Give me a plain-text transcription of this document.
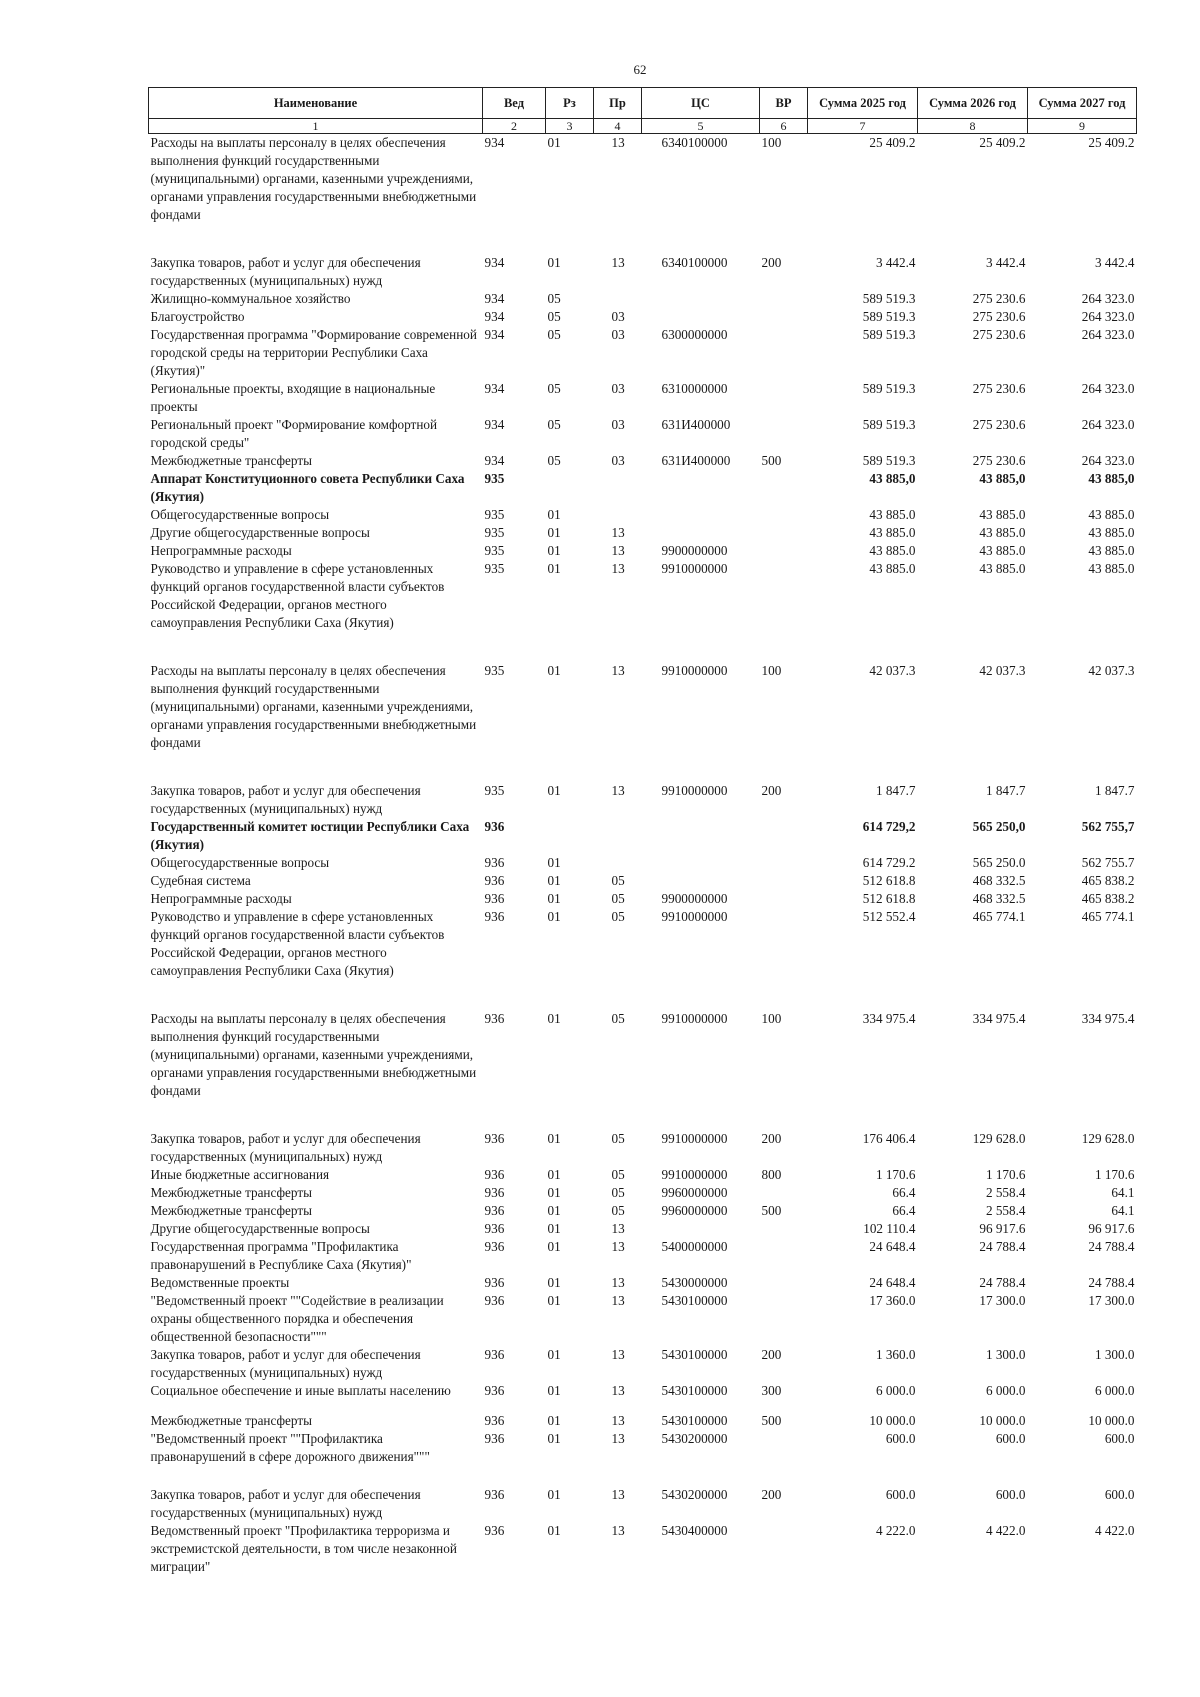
62
Наименование	Вед	Рз	Пр	ЦС	ВР	Сумма 2025 год	Сумма 2026 год	Сумма 2027 год
1	2	3	4	5	6	7	8	9
Расходы на выплаты персоналу в целях обеспечения выполнения функций государственными (муниципальными) органами, казенными учреждениями, органами управления государственными внебюджетными фондами	934	01	13	6340100000	100	25 409.2	25 409.2	25 409.2
Закупка товаров, работ и услуг для обеспечения государственных (муниципальных) нужд	934	01	13	6340100000	200	3 442.4	3 442.4	3 442.4
Жилищно-коммунальное хозяйство	934	05				589 519.3	275 230.6	264 323.0
Благоустройство	934	05	03			589 519.3	275 230.6	264 323.0
Государственная программа "Формирование современной городской среды на территории Республики Саха (Якутия)"	934	05	03	6300000000		589 519.3	275 230.6	264 323.0
Региональные проекты, входящие в национальные проекты	934	05	03	6310000000		589 519.3	275 230.6	264 323.0
Региональный проект "Формирование комфортной городской среды"	934	05	03	631И400000		589 519.3	275 230.6	264 323.0
Межбюджетные трансферты	934	05	03	631И400000	500	589 519.3	275 230.6	264 323.0
Аппарат Конституционного совета Республики Саха (Якутия)	935					43 885,0	43 885,0	43 885,0
Общегосударственные вопросы	935	01				43 885.0	43 885.0	43 885.0
Другие общегосударственные вопросы	935	01	13			43 885.0	43 885.0	43 885.0
Непрограммные расходы	935	01	13	9900000000		43 885.0	43 885.0	43 885.0
Руководство и управление в сфере установленных функций органов государственной власти субъектов Российской Федерации, органов местного самоуправления Республики Саха (Якутия)	935	01	13	9910000000		43 885.0	43 885.0	43 885.0
Расходы на выплаты персоналу в целях обеспечения выполнения функций государственными (муниципальными) органами, казенными учреждениями, органами управления государственными внебюджетными фондами	935	01	13	9910000000	100	42 037.3	42 037.3	42 037.3
Закупка товаров, работ и услуг для обеспечения государственных (муниципальных) нужд	935	01	13	9910000000	200	1 847.7	1 847.7	1 847.7
Государственный комитет юстиции Республики Саха (Якутия)	936					614 729,2	565 250,0	562 755,7
Общегосударственные вопросы	936	01				614 729.2	565 250.0	562 755.7
Судебная система	936	01	05			512 618.8	468 332.5	465 838.2
Непрограммные расходы	936	01	05	9900000000		512 618.8	468 332.5	465 838.2
Руководство и управление в сфере установленных функций органов государственной власти субъектов Российской Федерации, органов местного самоуправления Республики Саха (Якутия)	936	01	05	9910000000		512 552.4	465 774.1	465 774.1
Расходы на выплаты персоналу в целях обеспечения выполнения функций государственными (муниципальными) органами, казенными учреждениями, органами управления государственными внебюджетными фондами	936	01	05	9910000000	100	334 975.4	334 975.4	334 975.4
Закупка товаров, работ и услуг для обеспечения государственных (муниципальных) нужд	936	01	05	9910000000	200	176 406.4	129 628.0	129 628.0
Иные бюджетные ассигнования	936	01	05	9910000000	800	1 170.6	1 170.6	1 170.6
Межбюджетные трансферты	936	01	05	9960000000		66.4	2 558.4	64.1
Межбюджетные трансферты	936	01	05	9960000000	500	66.4	2 558.4	64.1
Другие общегосударственные вопросы	936	01	13			102 110.4	96 917.6	96 917.6
Государственная программа "Профилактика правонарушений в Республике Саха (Якутия)"	936	01	13	5400000000		24 648.4	24 788.4	24 788.4
Ведомственные проекты	936	01	13	5430000000		24 648.4	24 788.4	24 788.4
"Ведомственный проект ""Содействие в реализации охраны общественного порядка и обеспечения общественной безопасности"""	936	01	13	5430100000		17 360.0	17 300.0	17 300.0
Закупка товаров, работ и услуг для обеспечения государственных (муниципальных) нужд	936	01	13	5430100000	200	1 360.0	1 300.0	1 300.0
Социальное обеспечение и иные выплаты населению	936	01	13	5430100000	300	6 000.0	6 000.0	6 000.0
Межбюджетные трансферты	936	01	13	5430100000	500	10 000.0	10 000.0	10 000.0
"Ведомственный проект ""Профилактика правонарушений в сфере дорожного движения"""	936	01	13	5430200000		600.0	600.0	600.0
Закупка товаров, работ и услуг для обеспечения государственных (муниципальных) нужд	936	01	13	5430200000	200	600.0	600.0	600.0
Ведомственный проект "Профилактика терроризма и экстремистской деятельности, в том числе незаконной миграции"	936	01	13	5430400000		4 222.0	4 422.0	4 422.0
